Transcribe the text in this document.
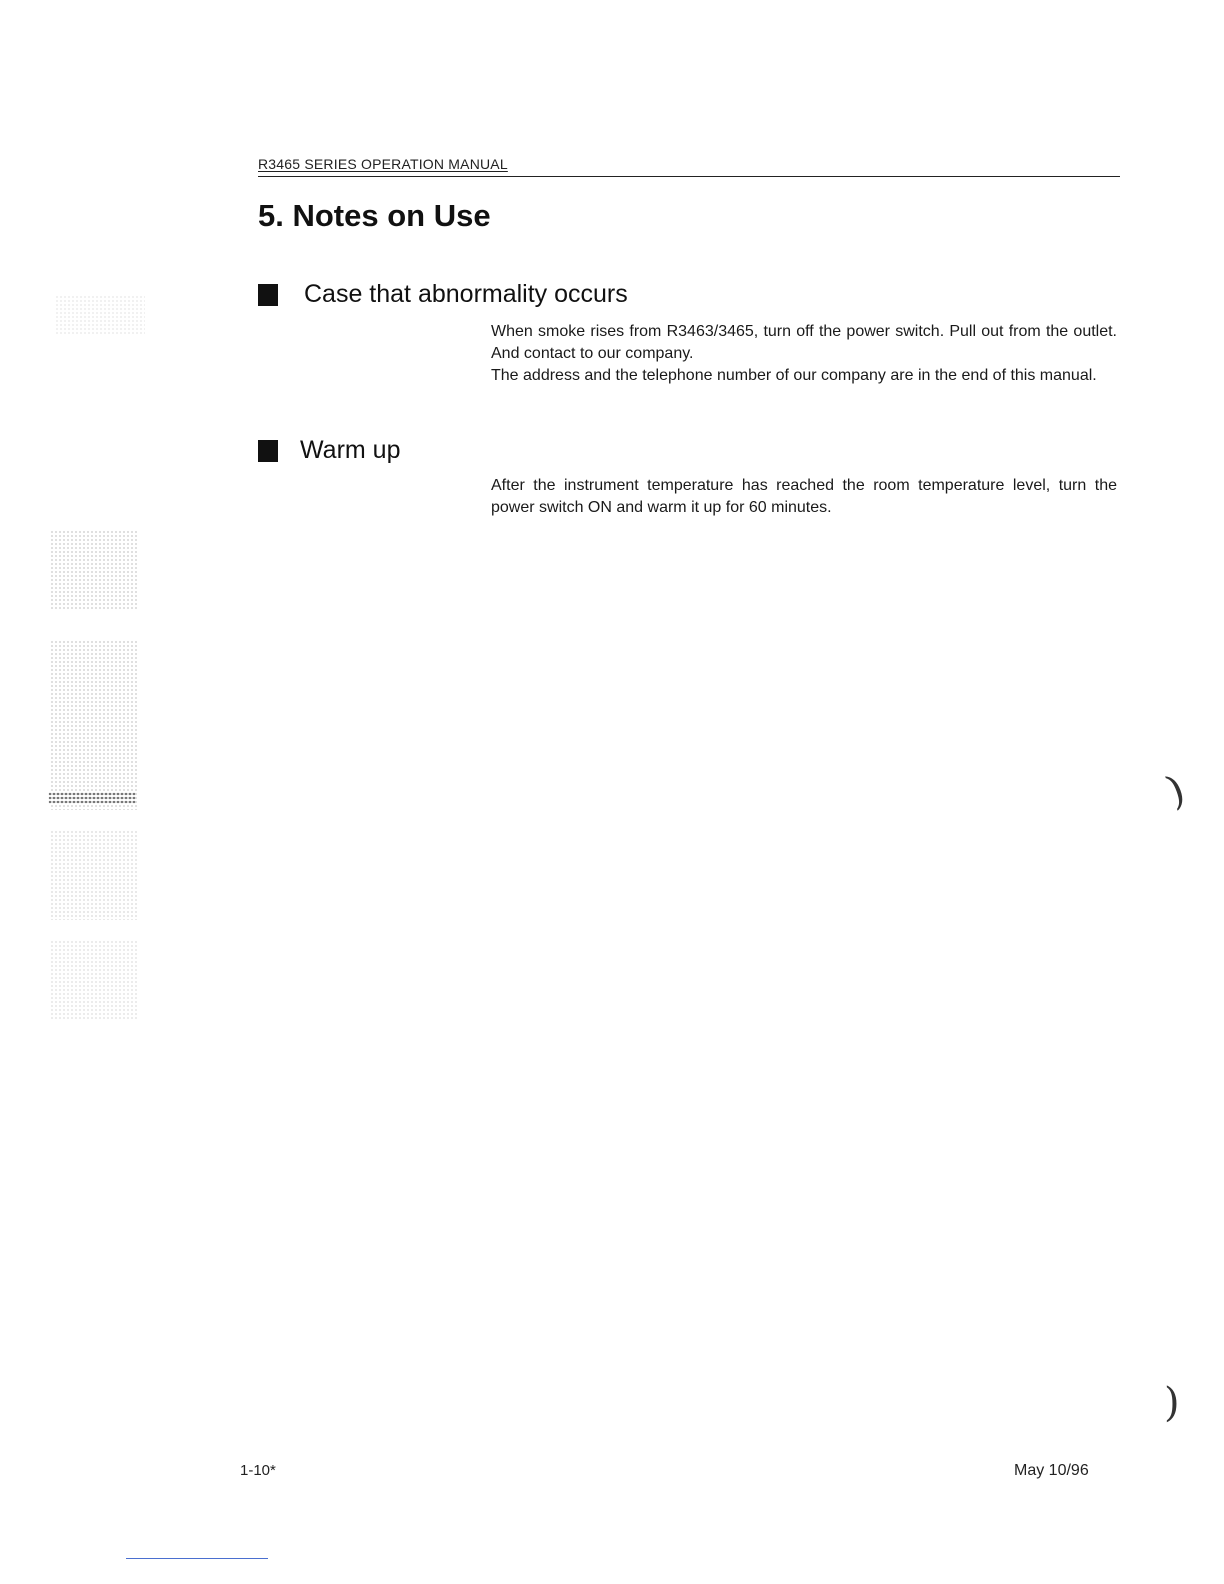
R3465 SERIES OPERATION MANUAL
5. Notes on Use
Case that abnormality occurs

When smoke rises from R3463/3465, turn off the power switch. Pull out from the outlet. And contact to our company.

The address and the telephone number of our company are in the end of this manual.

Warm up

After the instrument temperature has reached the room temperature level, turn the power switch ON and warm it up for 60 minutes.

)
)
1-10*	May 10/96
